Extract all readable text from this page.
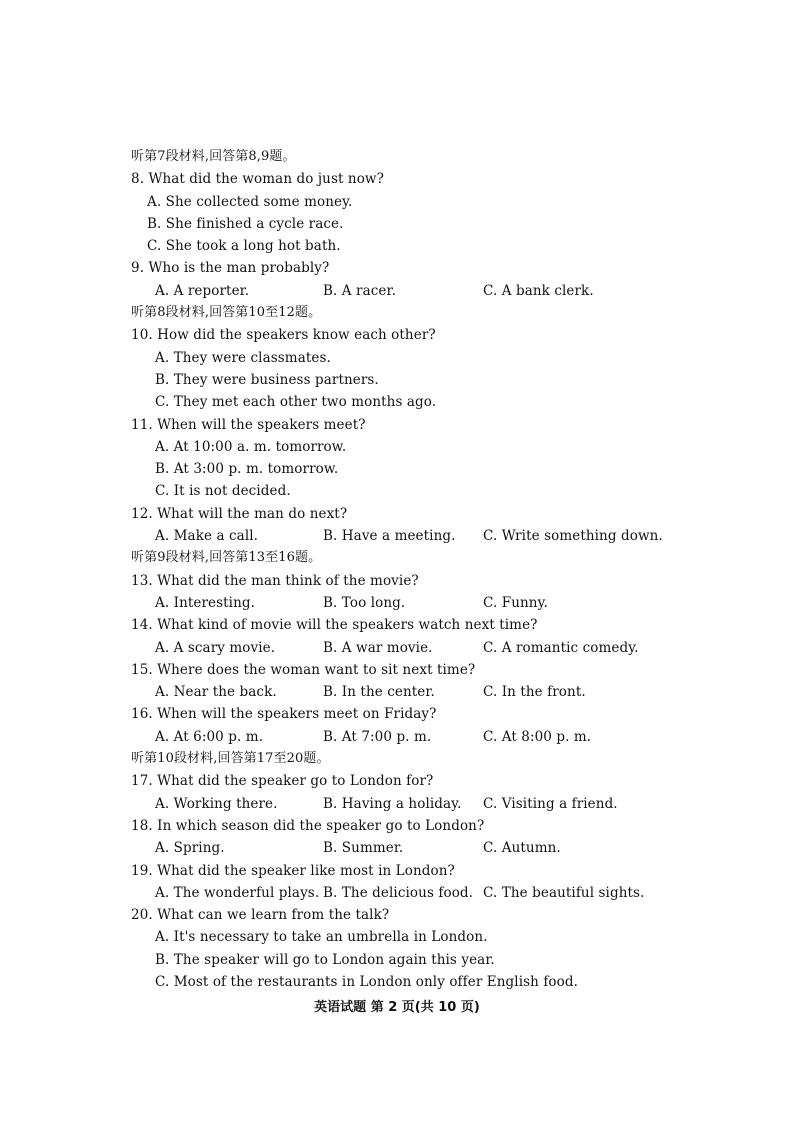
听第7段材料,回答第8,9题。
8. What did the woman do just now?
A. She collected some money.
B. She finished a cycle race.
C. She took a long hot bath.
9. Who is the man probably?
A. A reporter.	B. A racer.	C. A bank clerk.
听第8段材料,回答第10至12题。
10. How did the speakers know each other?
A. They were classmates.
B. They were business partners.
C. They met each other two months ago.
11. When will the speakers meet?
A. At 10:00 a. m. tomorrow.
B. At 3:00 p. m. tomorrow.
C. It is not decided.
12. What will the man do next?
A. Make a call.	B. Have a meeting. C. Write something down.
听第9段材料,回答第13至16题。
13. What did the man think of the movie?
A. Interesting.	B. Too long.	C. Funny.
14. What kind of movie will the speakers watch next time?
A. A scary movie.	B. A war movie.	C. A romantic comedy.
15. Where does the woman want to sit next time?
A. Near the back.	B. In the center.	C. In the front.
16. When will the speakers meet on Friday?
A. At 6:00 p. m.	B. At 7:00 p. m.	C. At 8:00 p. m.
听第10段材料,回答第17至20题。
17. What did the speaker go to London for?
A. Working there.	B. Having a holiday. C. Visiting a friend.
18. In which season did the speaker go to London?
A. Spring.	B. Summer.	C. Autumn.
19. What did the speaker like most in London?
A. The wonderful plays. B. The delicious food. C. The beautiful sights.
20. What can we learn from the talk?
A. It's necessary to take an umbrella in London.
B. The speaker will go to London again this year.
C. Most of the restaurants in London only offer English food.
英语试题 第 2 页(共 10 页)
